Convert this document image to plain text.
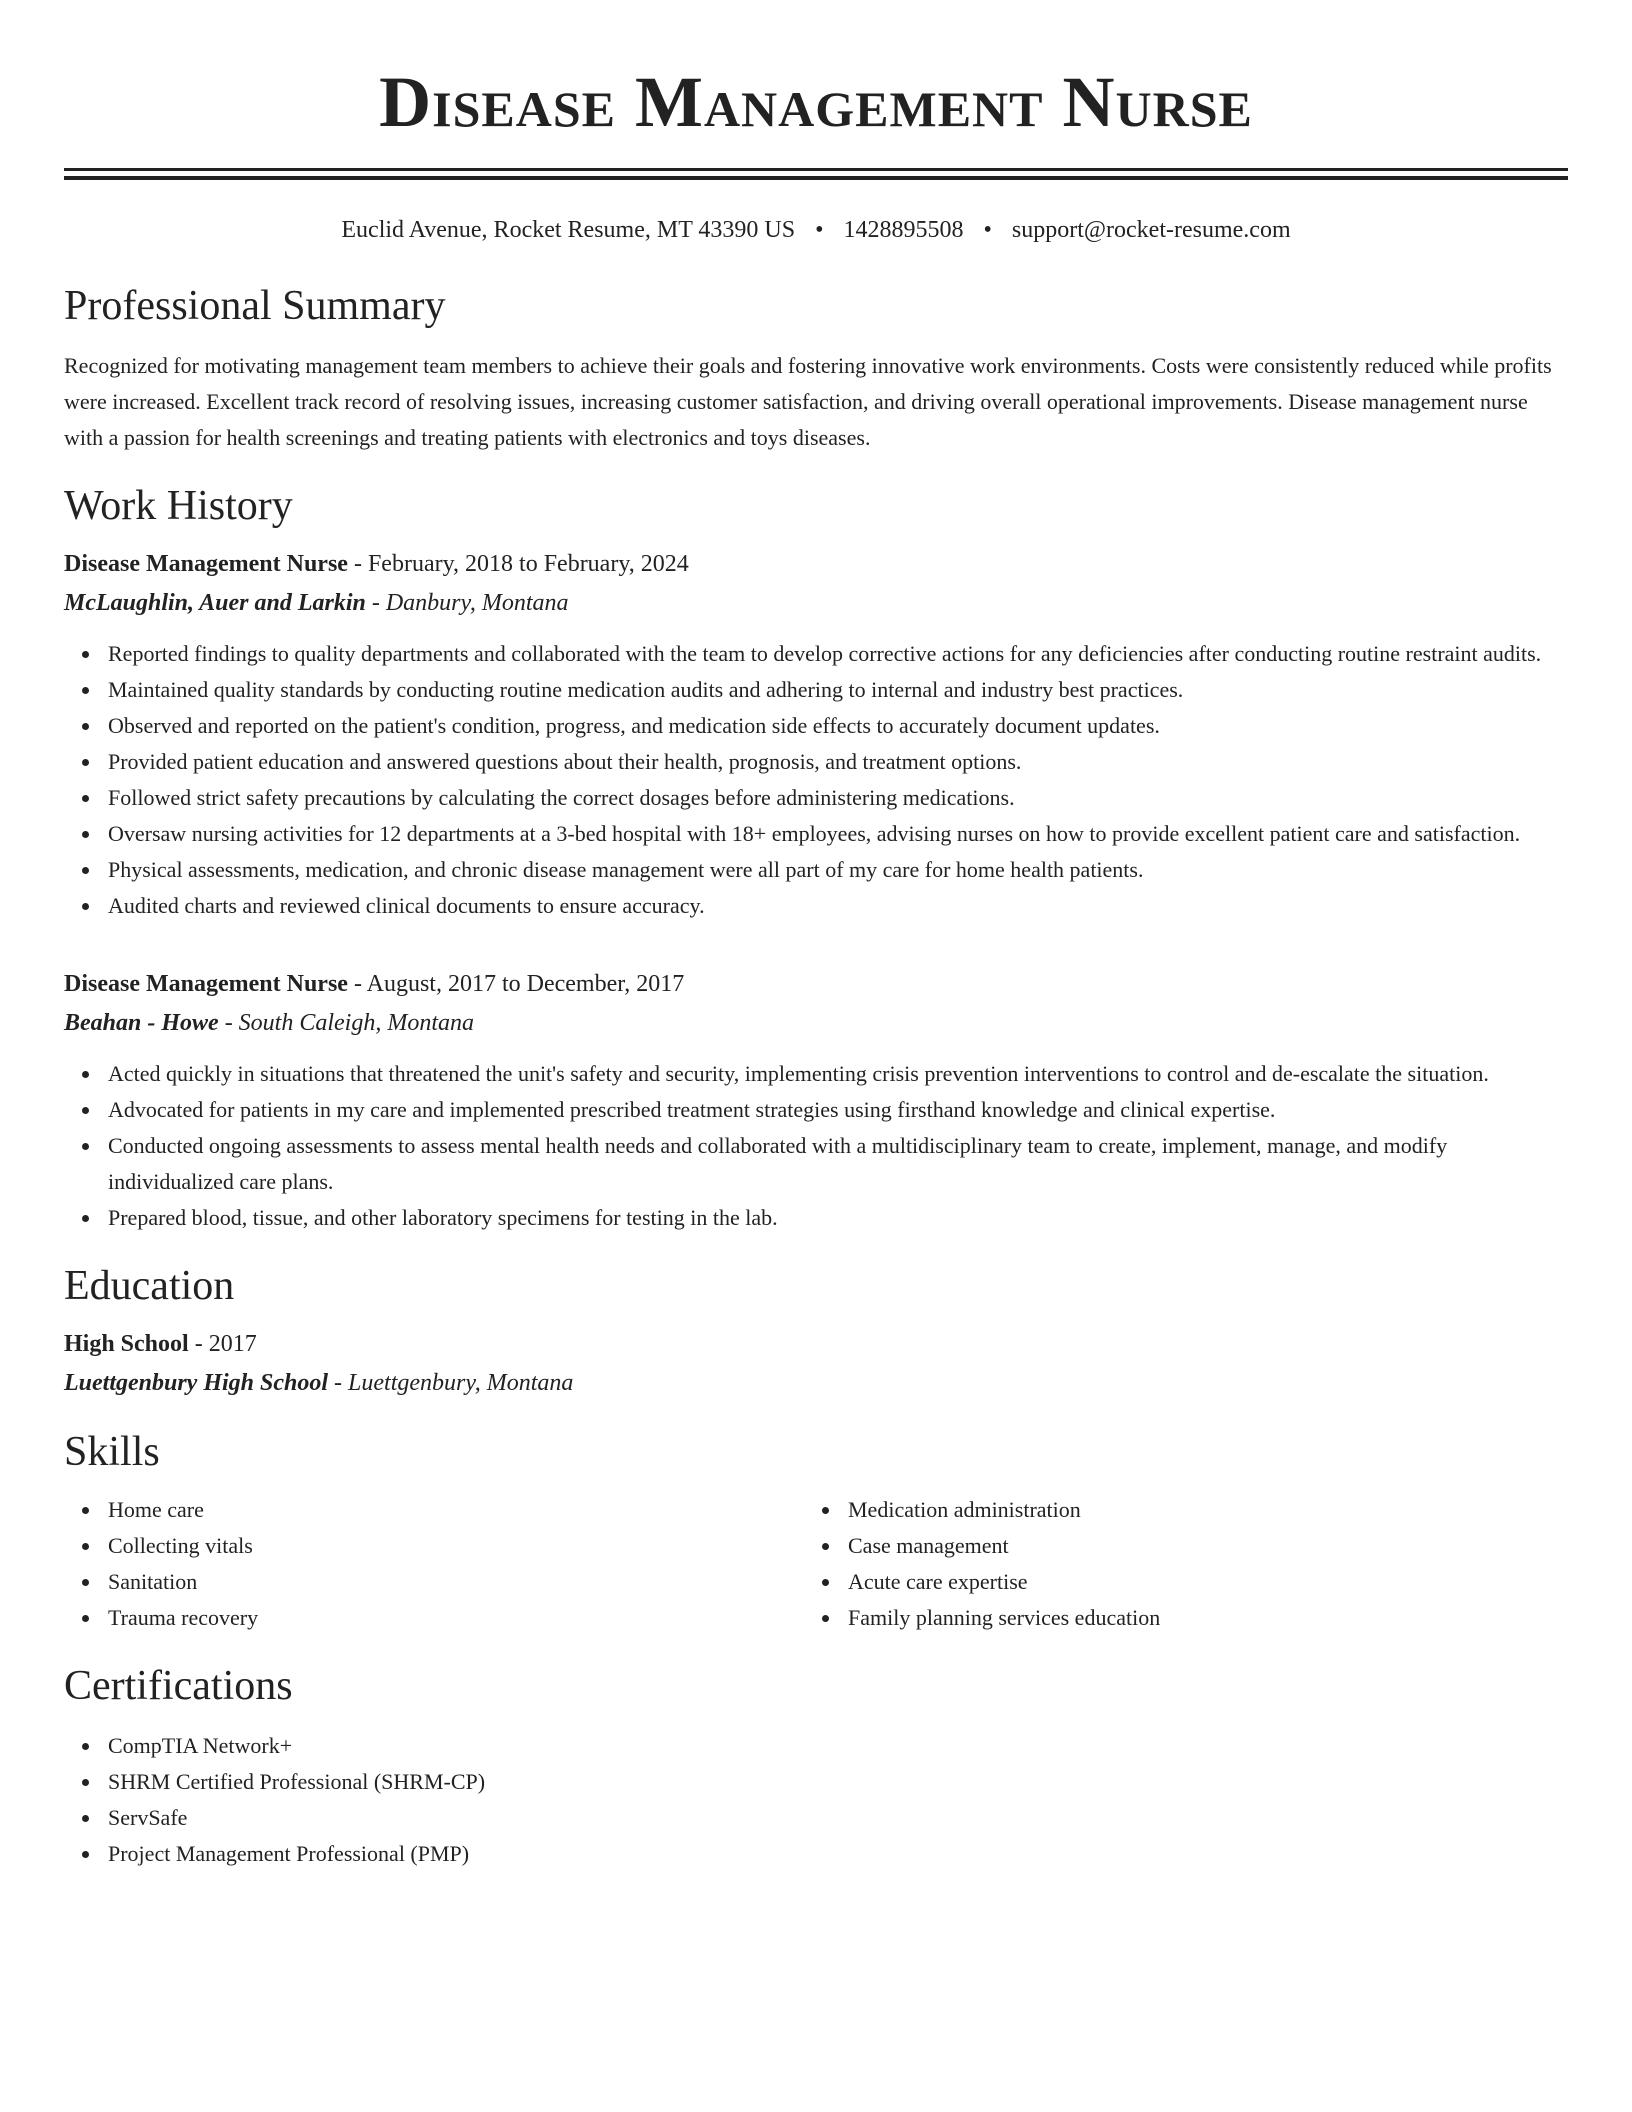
Disease Management Nurse
Euclid Avenue, Rocket Resume, MT 43390 US • 1428895508 • support@rocket-resume.com
Professional Summary

Recognized for motivating management team members to achieve their goals and fostering innovative work environments. Costs were consistently reduced while profits were increased. Excellent track record of resolving issues, increasing customer satisfaction, and driving overall operational improvements. Disease management nurse with a passion for health screenings and treating patients with electronics and toys diseases.

Work History
Disease Management Nurse - February, 2018 to February, 2024
McLaughlin, Auer and Larkin - Danbury, Montana
Reported findings to quality departments and collaborated with the team to develop corrective actions for any deficiencies after conducting routine restraint audits.
Maintained quality standards by conducting routine medication audits and adhering to internal and industry best practices.
Observed and reported on the patient's condition, progress, and medication side effects to accurately document updates.
Provided patient education and answered questions about their health, prognosis, and treatment options.
Followed strict safety precautions by calculating the correct dosages before administering medications.
Oversaw nursing activities for 12 departments at a 3-bed hospital with 18+ employees, advising nurses on how to provide excellent patient care and satisfaction.
Physical assessments, medication, and chronic disease management were all part of my care for home health patients.
Audited charts and reviewed clinical documents to ensure accuracy.
Disease Management Nurse - August, 2017 to December, 2017
Beahan - Howe - South Caleigh, Montana
Acted quickly in situations that threatened the unit's safety and security, implementing crisis prevention interventions to control and de-escalate the situation.
Advocated for patients in my care and implemented prescribed treatment strategies using firsthand knowledge and clinical expertise.
Conducted ongoing assessments to assess mental health needs and collaborated with a multidisciplinary team to create, implement, manage, and modify individualized care plans.
Prepared blood, tissue, and other laboratory specimens for testing in the lab.
Education
High School - 2017
Luettgenbury High School - Luettgenbury, Montana
Skills
Home care
Collecting vitals
Sanitation
Trauma recovery
Medication administration
Case management
Acute care expertise
Family planning services education
Certifications
CompTIA Network+
SHRM Certified Professional (SHRM-CP)
ServSafe
Project Management Professional (PMP)
